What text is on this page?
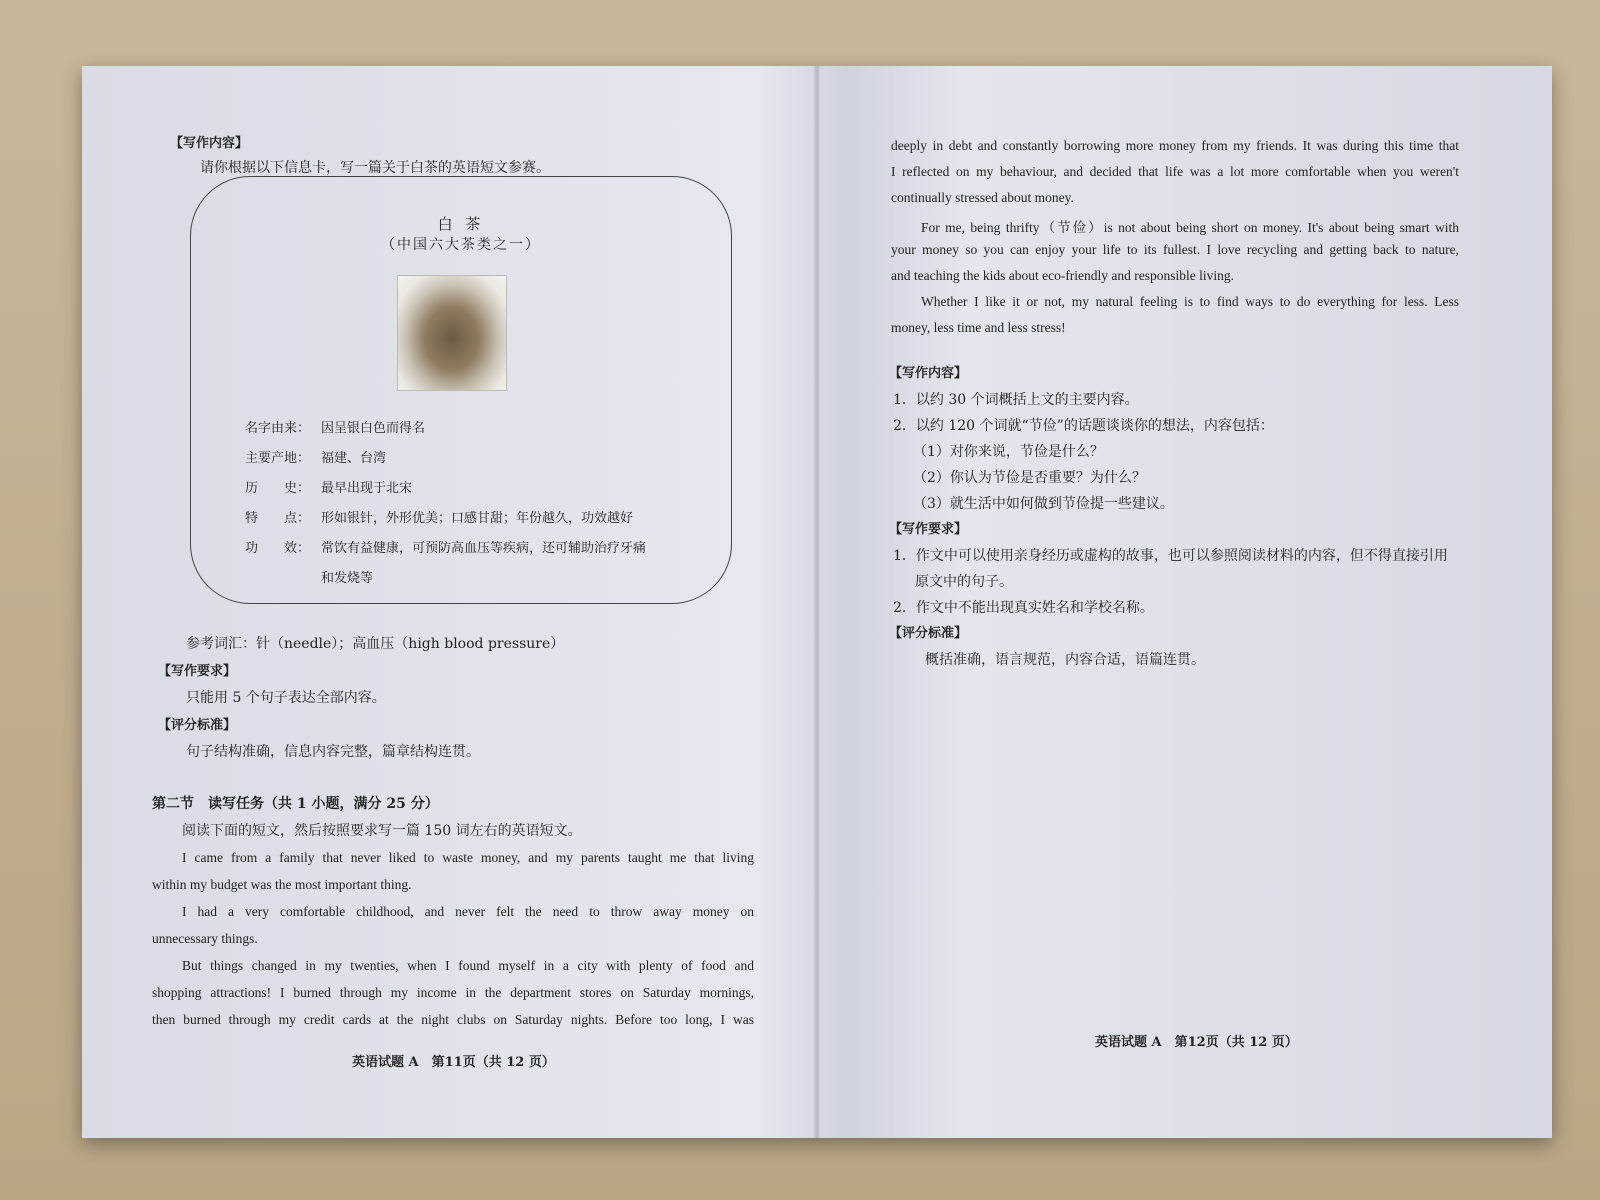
【写作内容】
请你根据以下信息卡，写一篇关于白茶的英语短文参赛。
白 茶
（中国六大茶类之一）
名字由来： 因呈银白色而得名
主要产地： 福建、台湾
历　　史： 最早出现于北宋
特　　点： 形如银针，外形优美；口感甘甜；年份越久，功效越好
功　　效： 常饮有益健康，可预防高血压等疾病，还可辅助治疗牙痛
和发烧等
参考词汇：针（needle）；高血压（high blood pressure）
【写作要求】
只能用 5 个句子表达全部内容。
【评分标准】
句子结构准确，信息内容完整，篇章结构连贯。
第二节　读写任务（共 1 小题，满分 25 分）
阅读下面的短文，然后按照要求写一篇 150 词左右的英语短文。
I came from a family that never liked to waste money, and my parents taught me that living
within my budget was the most important thing.
I had a very comfortable childhood, and never felt the need to throw away money on
unnecessary things.
But things changed in my twenties, when I found myself in a city with plenty of food and
shopping attractions! I burned through my income in the department stores on Saturday mornings,
then burned through my credit cards at the night clubs on Saturday nights. Before too long, I was
英语试题 A　第11页（共 12 页）
deeply in debt and constantly borrowing more money from my friends. It was during this time that
I reflected on my behaviour, and decided that life was a lot more comfortable when you weren't
continually stressed about money.
For me, being thrifty（节俭）is not about being short on money. It's about being smart with
your money so you can enjoy your life to its fullest. I love recycling and getting back to nature,
and teaching the kids about eco-friendly and responsible living.
Whether I like it or not, my natural feeling is to find ways to do everything for less. Less
money, less time and less stress!
【写作内容】
1．以约 30 个词概括上文的主要内容。
2．以约 120 个词就“节俭”的话题谈谈你的想法，内容包括：
（1）对你来说，节俭是什么？
（2）你认为节俭是否重要？为什么？
（3）就生活中如何做到节俭提一些建议。
【写作要求】
1．作文中可以使用亲身经历或虚构的故事，也可以参照阅读材料的内容，但不得直接引用
原文中的句子。
2．作文中不能出现真实姓名和学校名称。
【评分标准】
概括准确，语言规范，内容合适，语篇连贯。
英语试题 A　第12页（共 12 页）
